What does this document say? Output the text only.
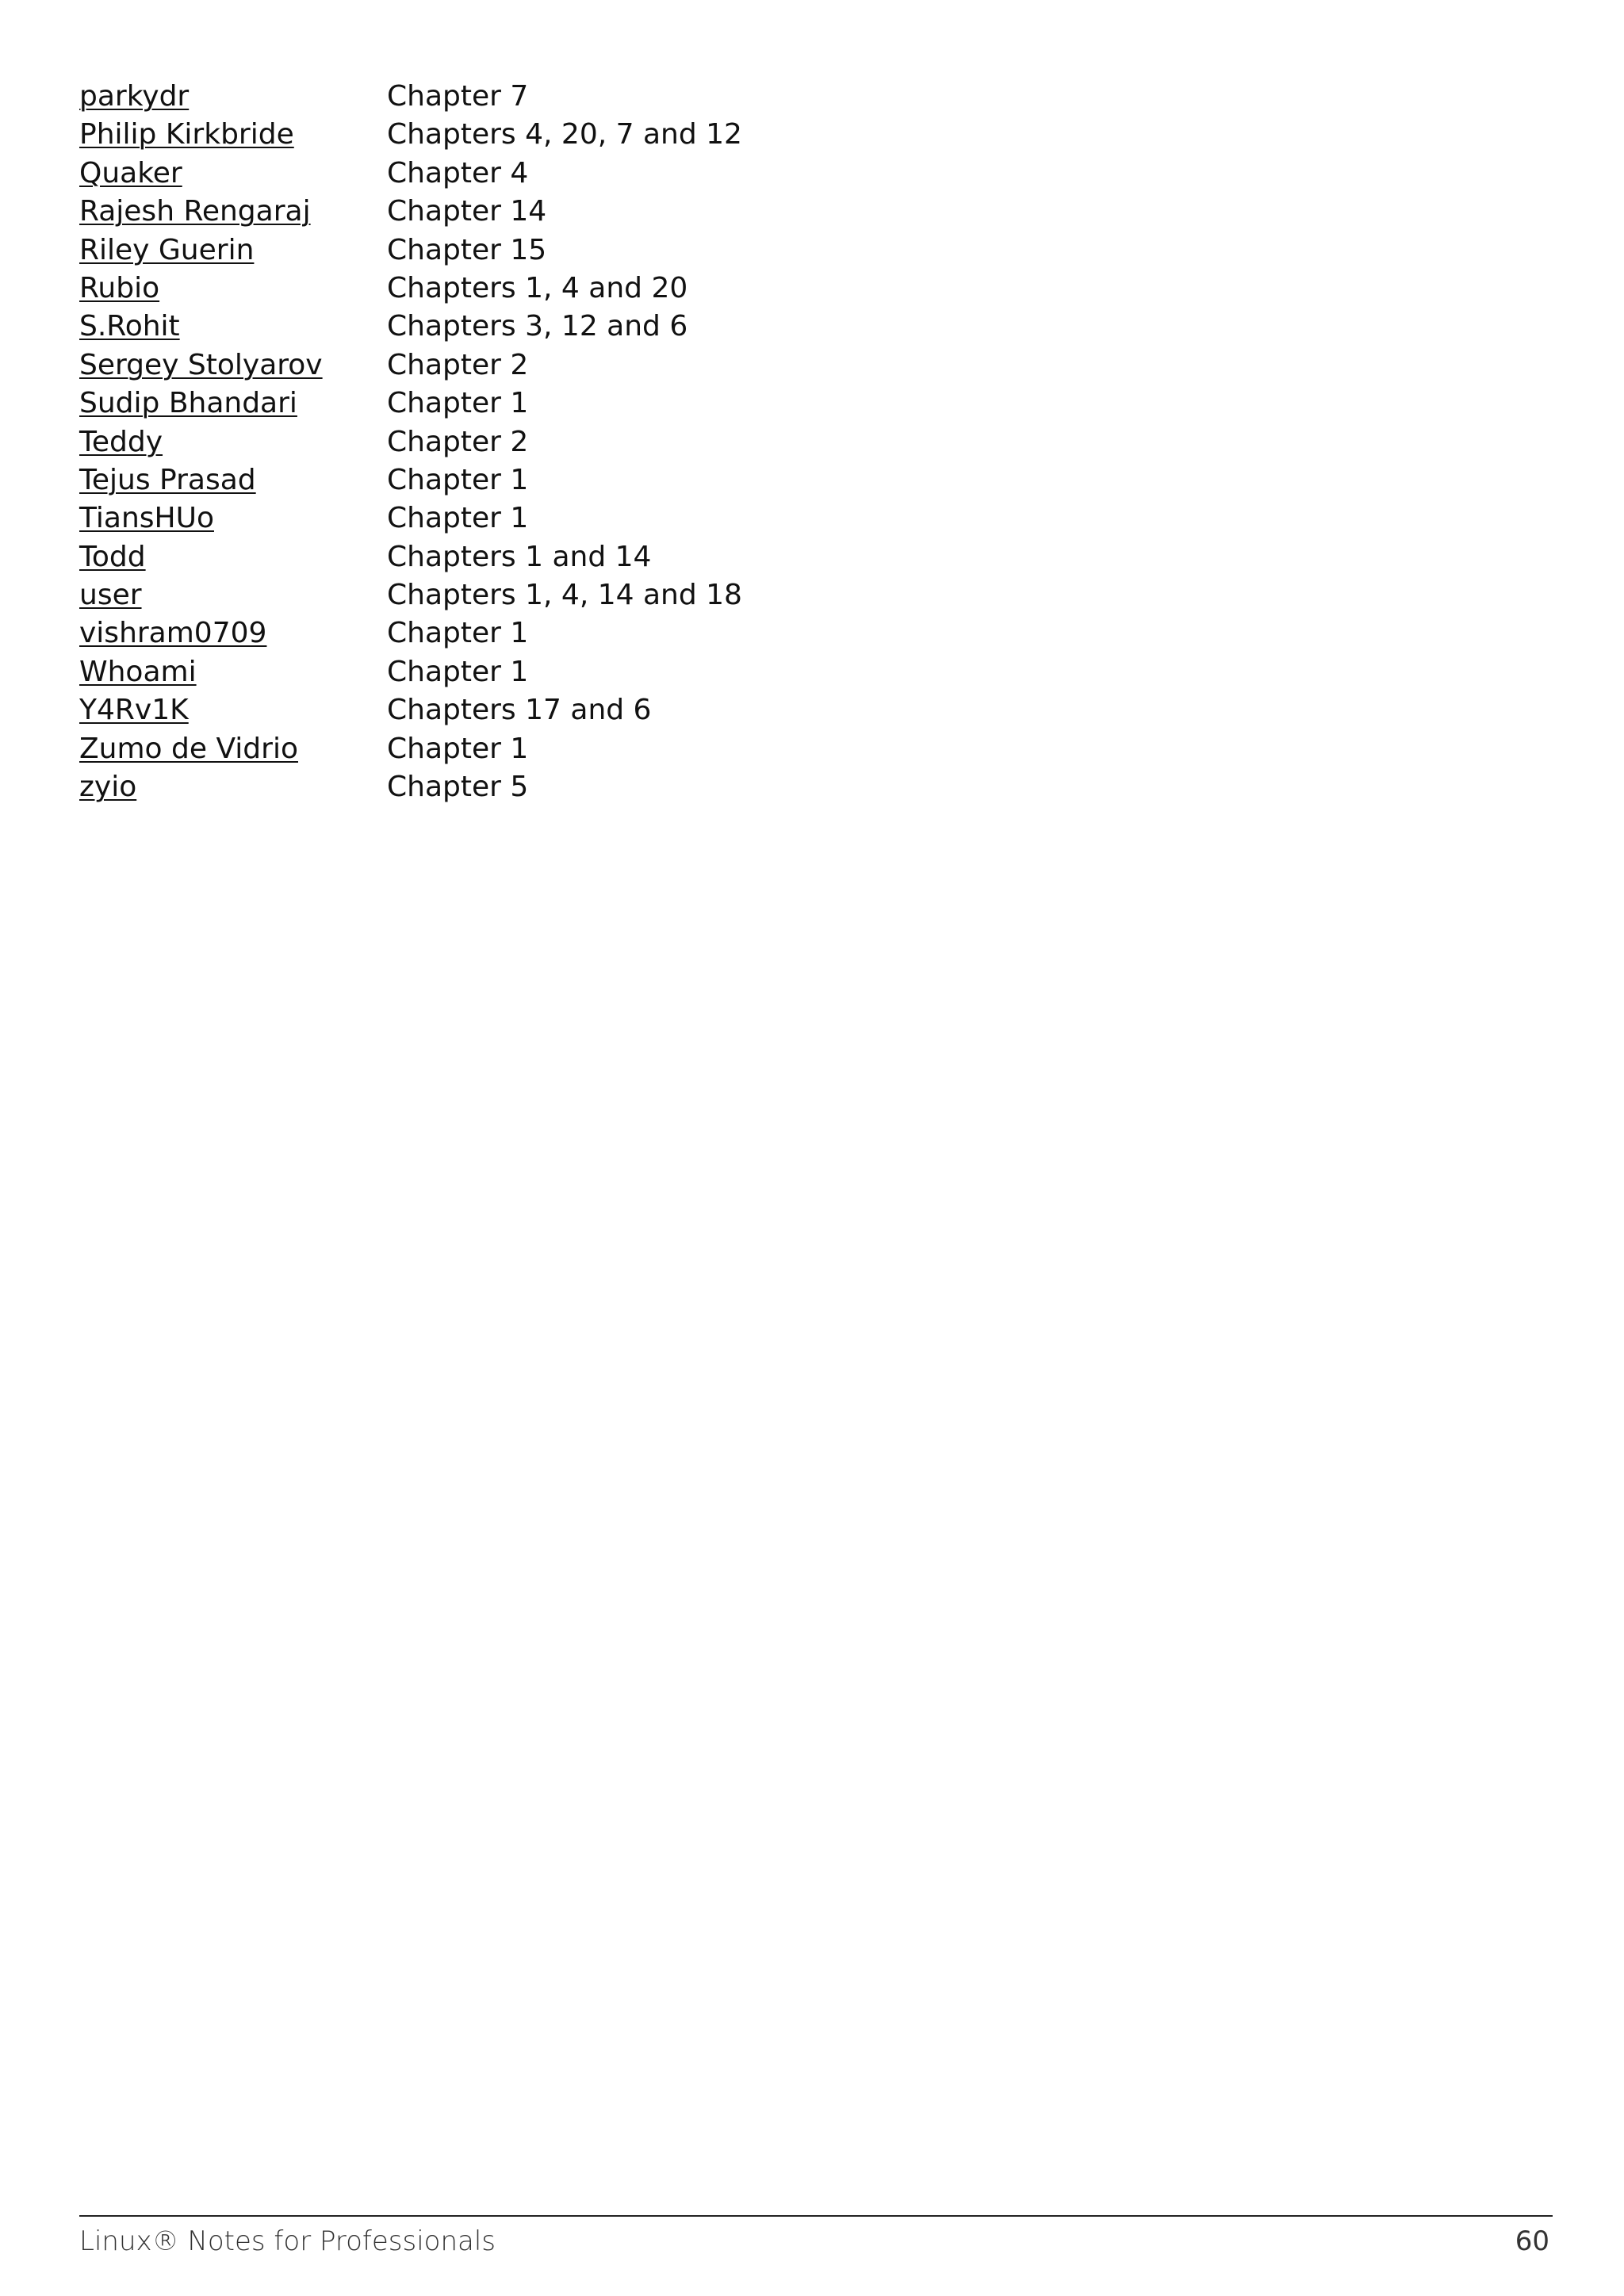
parkydr	Chapter 7
Philip Kirkbride	Chapters 4, 20, 7 and 12
Quaker	Chapter 4
Rajesh Rengaraj	Chapter 14
Riley Guerin	Chapter 15
Rubio	Chapters 1, 4 and 20
S.Rohit	Chapters 3, 12 and 6
Sergey Stolyarov	Chapter 2
Sudip Bhandari	Chapter 1
Teddy	Chapter 2
Tejus Prasad	Chapter 1
TiansHUo	Chapter 1
Todd	Chapters 1 and 14
user	Chapters 1, 4, 14 and 18
vishram0709	Chapter 1
Whoami	Chapter 1
Y4Rv1K	Chapters 17 and 6
Zumo de Vidrio	Chapter 1
zyio	Chapter 5
Linux® Notes for Professionals	60
